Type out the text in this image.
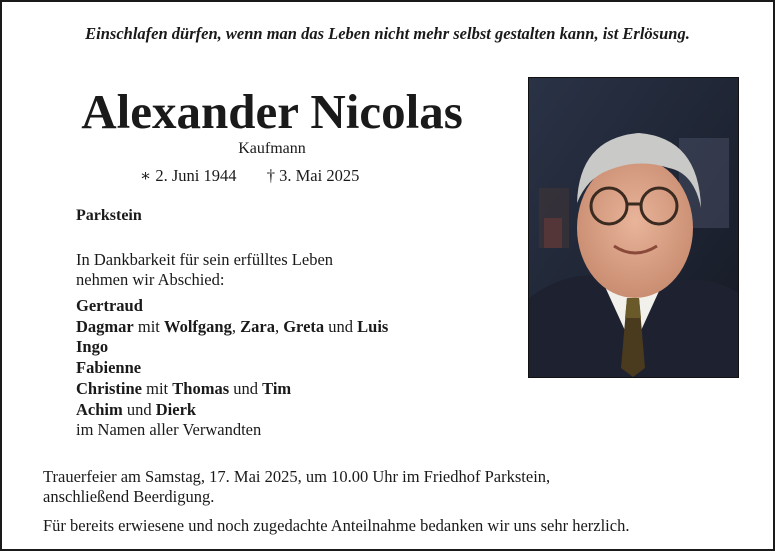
Einschlafen dürfen, wenn man das Leben nicht mehr selbst gestalten kann, ist Erlösung.
Alexander Nicolas
Kaufmann
∗ 2. Juni 1944 † 3. Mai 2025
Parkstein
In Dankbarkeit für sein erfülltes Leben
nehmen wir Abschied:
Gertraud
Dagmar mit Wolfgang, Zara, Greta und Luis
Ingo
Fabienne
Christine mit Thomas und Tim
Achim und Dierk
im Namen aller Verwandten
Trauerfeier am Samstag, 17. Mai 2025, um 10.00 Uhr im Friedhof Parkstein,
anschließend Beerdigung.
Für bereits erwiesene und noch zugedachte Anteilnahme bedanken wir uns sehr herzlich.
